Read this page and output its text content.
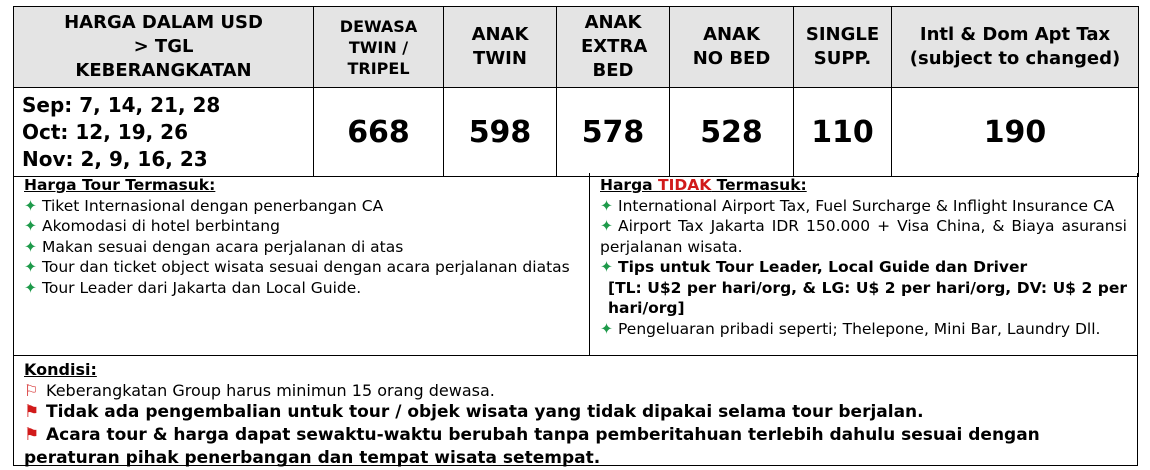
HARGA DALAM USD > TGL KEBERANGKATAN	DEWASA TWIN / TRIPEL	ANAK TWIN	ANAK EXTRA BED	ANAK NO BED	SINGLE SUPP.	Intl & Dom Apt Tax (subject to changed)

Sep: 7, 14, 21, 28
Oct: 12, 19, 26
Nov: 2, 9, 16, 23	668	598	578	528	110	190
Harga Tour Termasuk:
✦ Tiket Internasional dengan penerbangan CA
✦ Akomodasi di hotel berbintang
✦ Makan sesuai dengan acara perjalanan di atas
✦ Tour dan ticket object wisata sesuai dengan acara perjalanan diatas
✦ Tour Leader dari Jakarta dan Local Guide.
Harga TIDAK Termasuk:
✦ International Airport Tax, Fuel Surcharge & Inflight Insurance CA
✦ Airport Tax Jakarta IDR 150.000 + Visa China, & Biaya asuransi perjalanan wisata.
✦ Tips untuk Tour Leader, Local Guide dan Driver
[TL: U$2 per hari/org, & LG: U$ 2 per hari/org, DV: U$ 2 per hari/org]
✦ Pengeluaran pribadi seperti; Thelepone, Mini Bar, Laundry Dll.
Kondisi:
⚐ Keberangkatan Group harus minimun 15 orang dewasa.
⚑ Tidak ada pengembalian untuk tour / objek wisata yang tidak dipakai selama tour berjalan.
⚑ Acara tour & harga dapat sewaktu-waktu berubah tanpa pemberitahuan terlebih dahulu sesuai dengan peraturan pihak penerbangan dan tempat wisata setempat.
